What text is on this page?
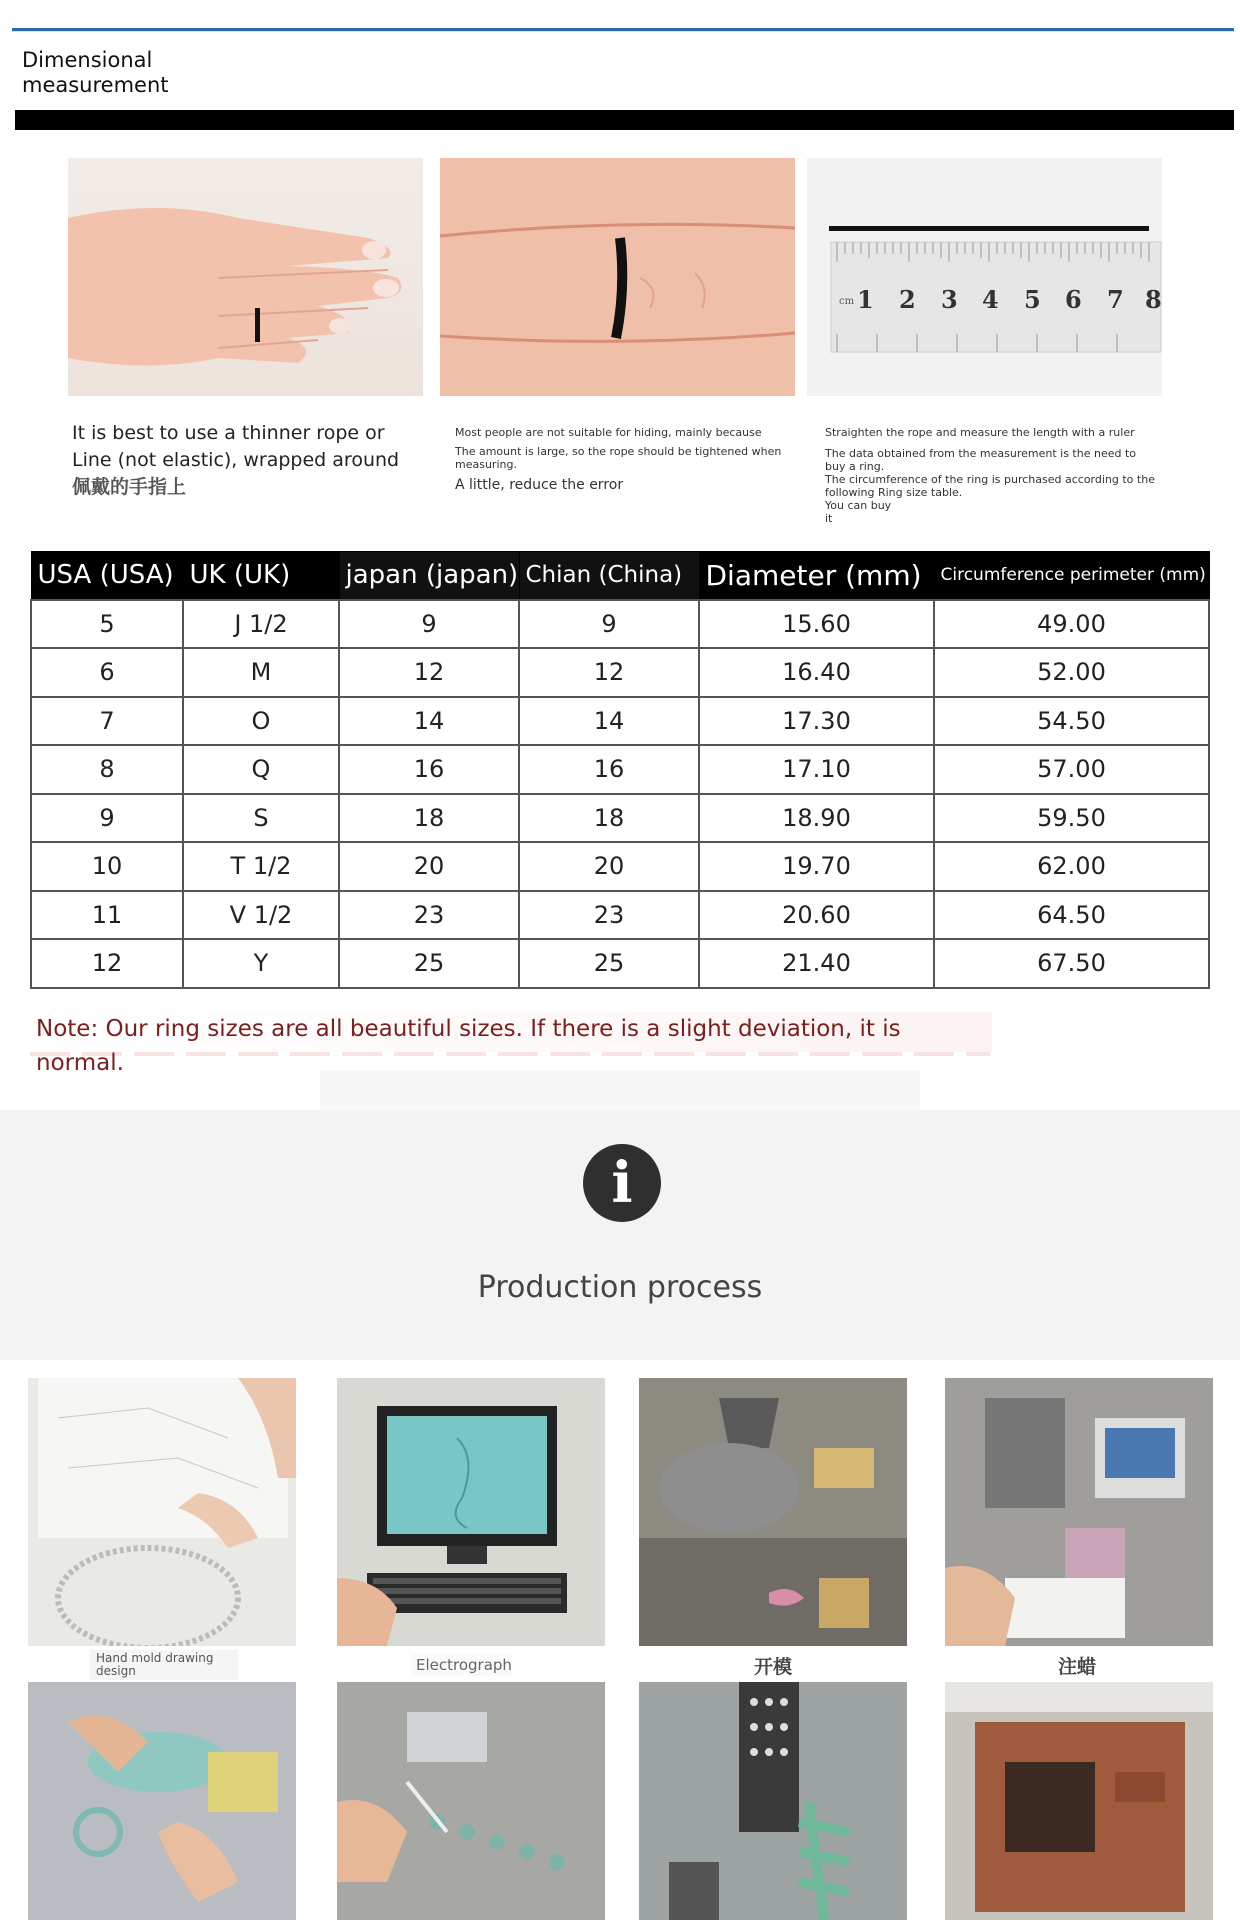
Dimensional measurement
cm 1 2 3 4 5 6 7 8
It is best to use a thinner rope or
Line (not elastic), wrapped around
佩戴的手指上
Most people are not suitable for hiding, mainly because
The amount is large, so the rope should be tightened when measuring.
A little, reduce the error
Straighten the rope and measure the length with a ruler
The data obtained from the measurement is the need to buy a ring.
The circumference of the ring is purchased according to the following Ring size table.
You can buy
it
USA (USA)	UK (UK)	japan (japan)	Chian (China)	Diameter (mm)	Circumference perimeter (mm)
5	J 1/2	9	9	15.60	49.00
6	M	12	12	16.40	52.00
7	O	14	14	17.30	54.50
8	Q	16	16	17.10	57.00
9	S	18	18	18.90	59.50
10	T 1/2	20	20	19.70	62.00
11	V 1/2	23	23	20.60	64.50
12	Y	25	25	21.40	67.50
Note: Our ring sizes are all beautiful sizes. If there is a slight deviation, it is normal.
i
Production process
Hand mold drawing design	Electrograph	开模	注蜡
